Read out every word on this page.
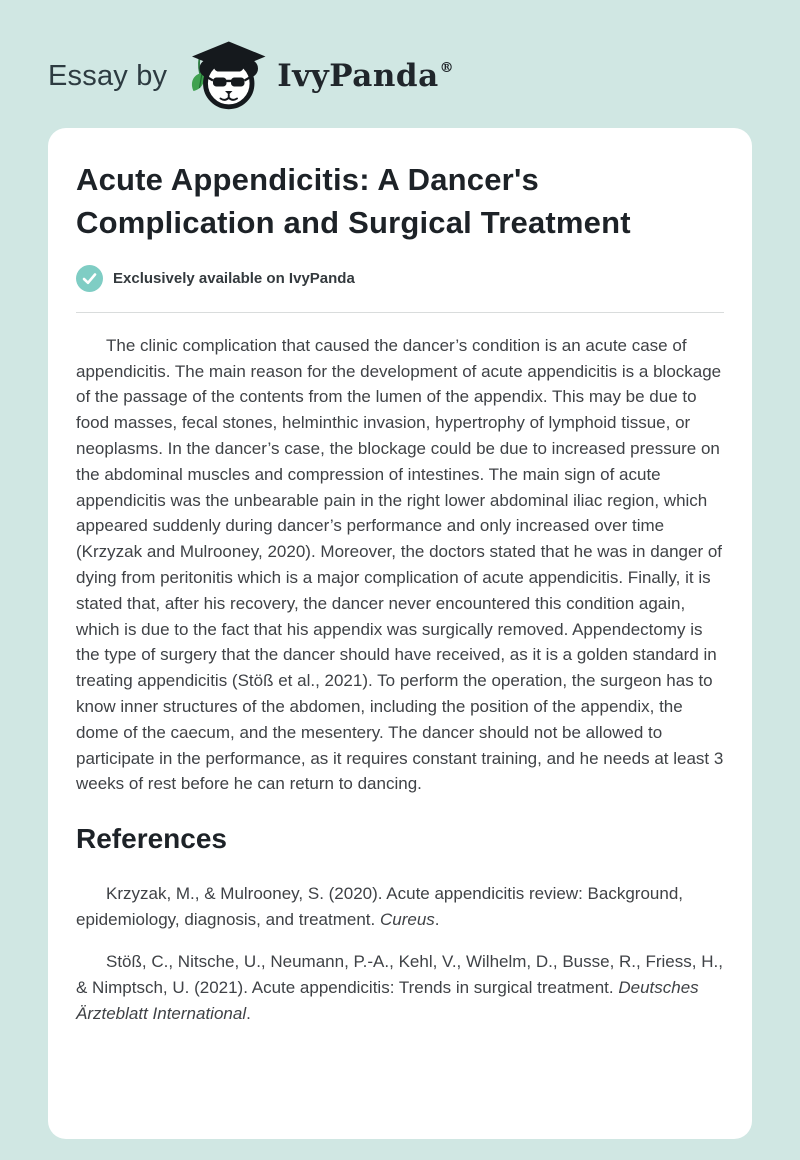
Essay by	IvyPanda®
Acute Appendicitis: A Dancer's Complication and Surgical Treatment
Exclusively available on IvyPanda

The clinic complication that caused the dancer’s condition is an acute case of appendicitis. The main reason for the development of acute appendicitis is a blockage of the passage of the contents from the lumen of the appendix. This may be due to food masses, fecal stones, helminthic invasion, hypertrophy of lymphoid tissue, or neoplasms. In the dancer’s case, the blockage could be due to increased pressure on the abdominal muscles and compression of intestines. The main sign of acute appendicitis was the unbearable pain in the right lower abdominal iliac region, which appeared suddenly during dancer’s performance and only increased over time (Krzyzak and Mulrooney, 2020). Moreover, the doctors stated that he was in danger of dying from peritonitis which is a major complication of acute appendicitis. Finally, it is stated that, after his recovery, the dancer never encountered this condition again, which is due to the fact that his appendix was surgically removed. Appendectomy is the type of surgery that the dancer should have received, as it is a golden standard in treating appendicitis (Stöß et al., 2021). To perform the operation, the surgeon has to know inner structures of the abdomen, including the position of the appendix, the dome of the caecum, and the mesentery. The dancer should not be allowed to participate in the performance, as it requires constant training, and he needs at least 3 weeks of rest before he can return to dancing.

References

Krzyzak, M., & Mulrooney, S. (2020). Acute appendicitis review: Background, epidemiology, diagnosis, and treatment. Cureus.

Stöß, C., Nitsche, U., Neumann, P.-A., Kehl, V., Wilhelm, D., Busse, R., Friess, H., & Nimptsch, U. (2021). Acute appendicitis: Trends in surgical treatment. Deutsches Ärzteblatt International.
